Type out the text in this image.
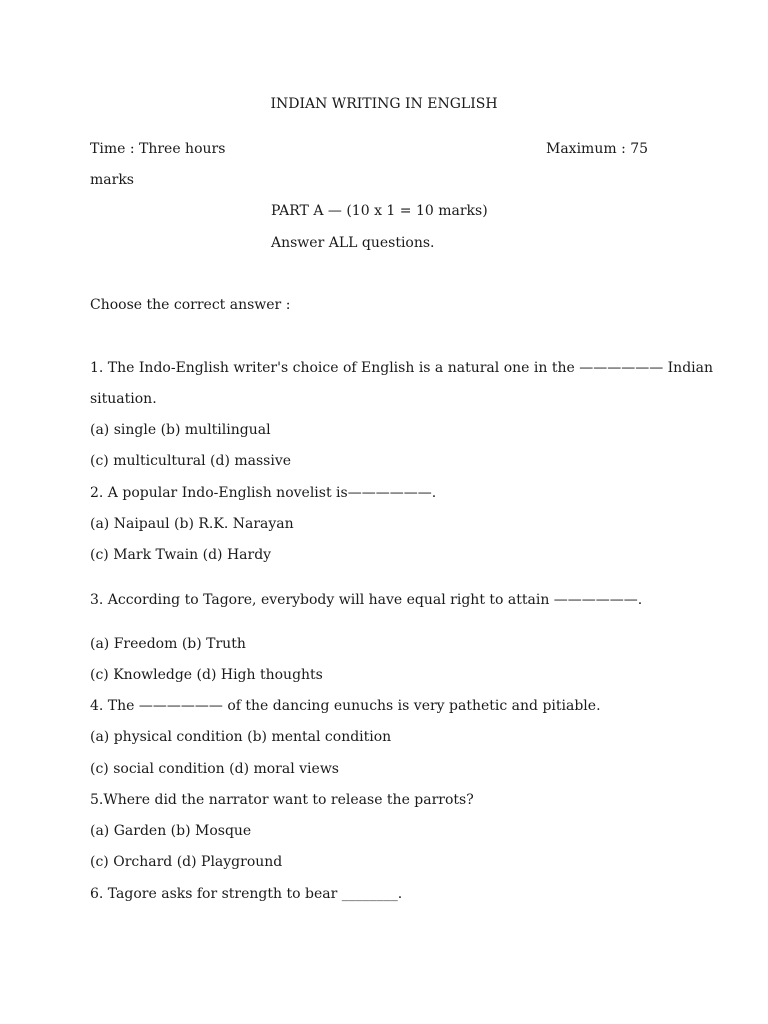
INDIAN WRITING IN ENGLISH
Time : Three hours	Maximum : 75
marks
PART A — (10 x 1 = 10 marks)
Answer ALL questions.
Choose the correct answer :
1. The Indo-English writer's choice of English is a natural one in the —————— Indian
situation.
(a) single (b) multilingual
(c) multicultural (d) massive
2. A popular Indo-English novelist is——————.
(a) Naipaul (b) R.K. Narayan
(c) Mark Twain (d) Hardy
3. According to Tagore, everybody will have equal right to attain ——————.
(a) Freedom (b) Truth
(c) Knowledge (d) High thoughts
4. The —————— of the dancing eunuchs is very pathetic and pitiable.
(a) physical condition (b) mental condition
(c) social condition (d) moral views
5.Where did the narrator want to release the parrots?
(a) Garden (b) Mosque
(c) Orchard (d) Playground
6. Tagore asks for strength to bear ________.
